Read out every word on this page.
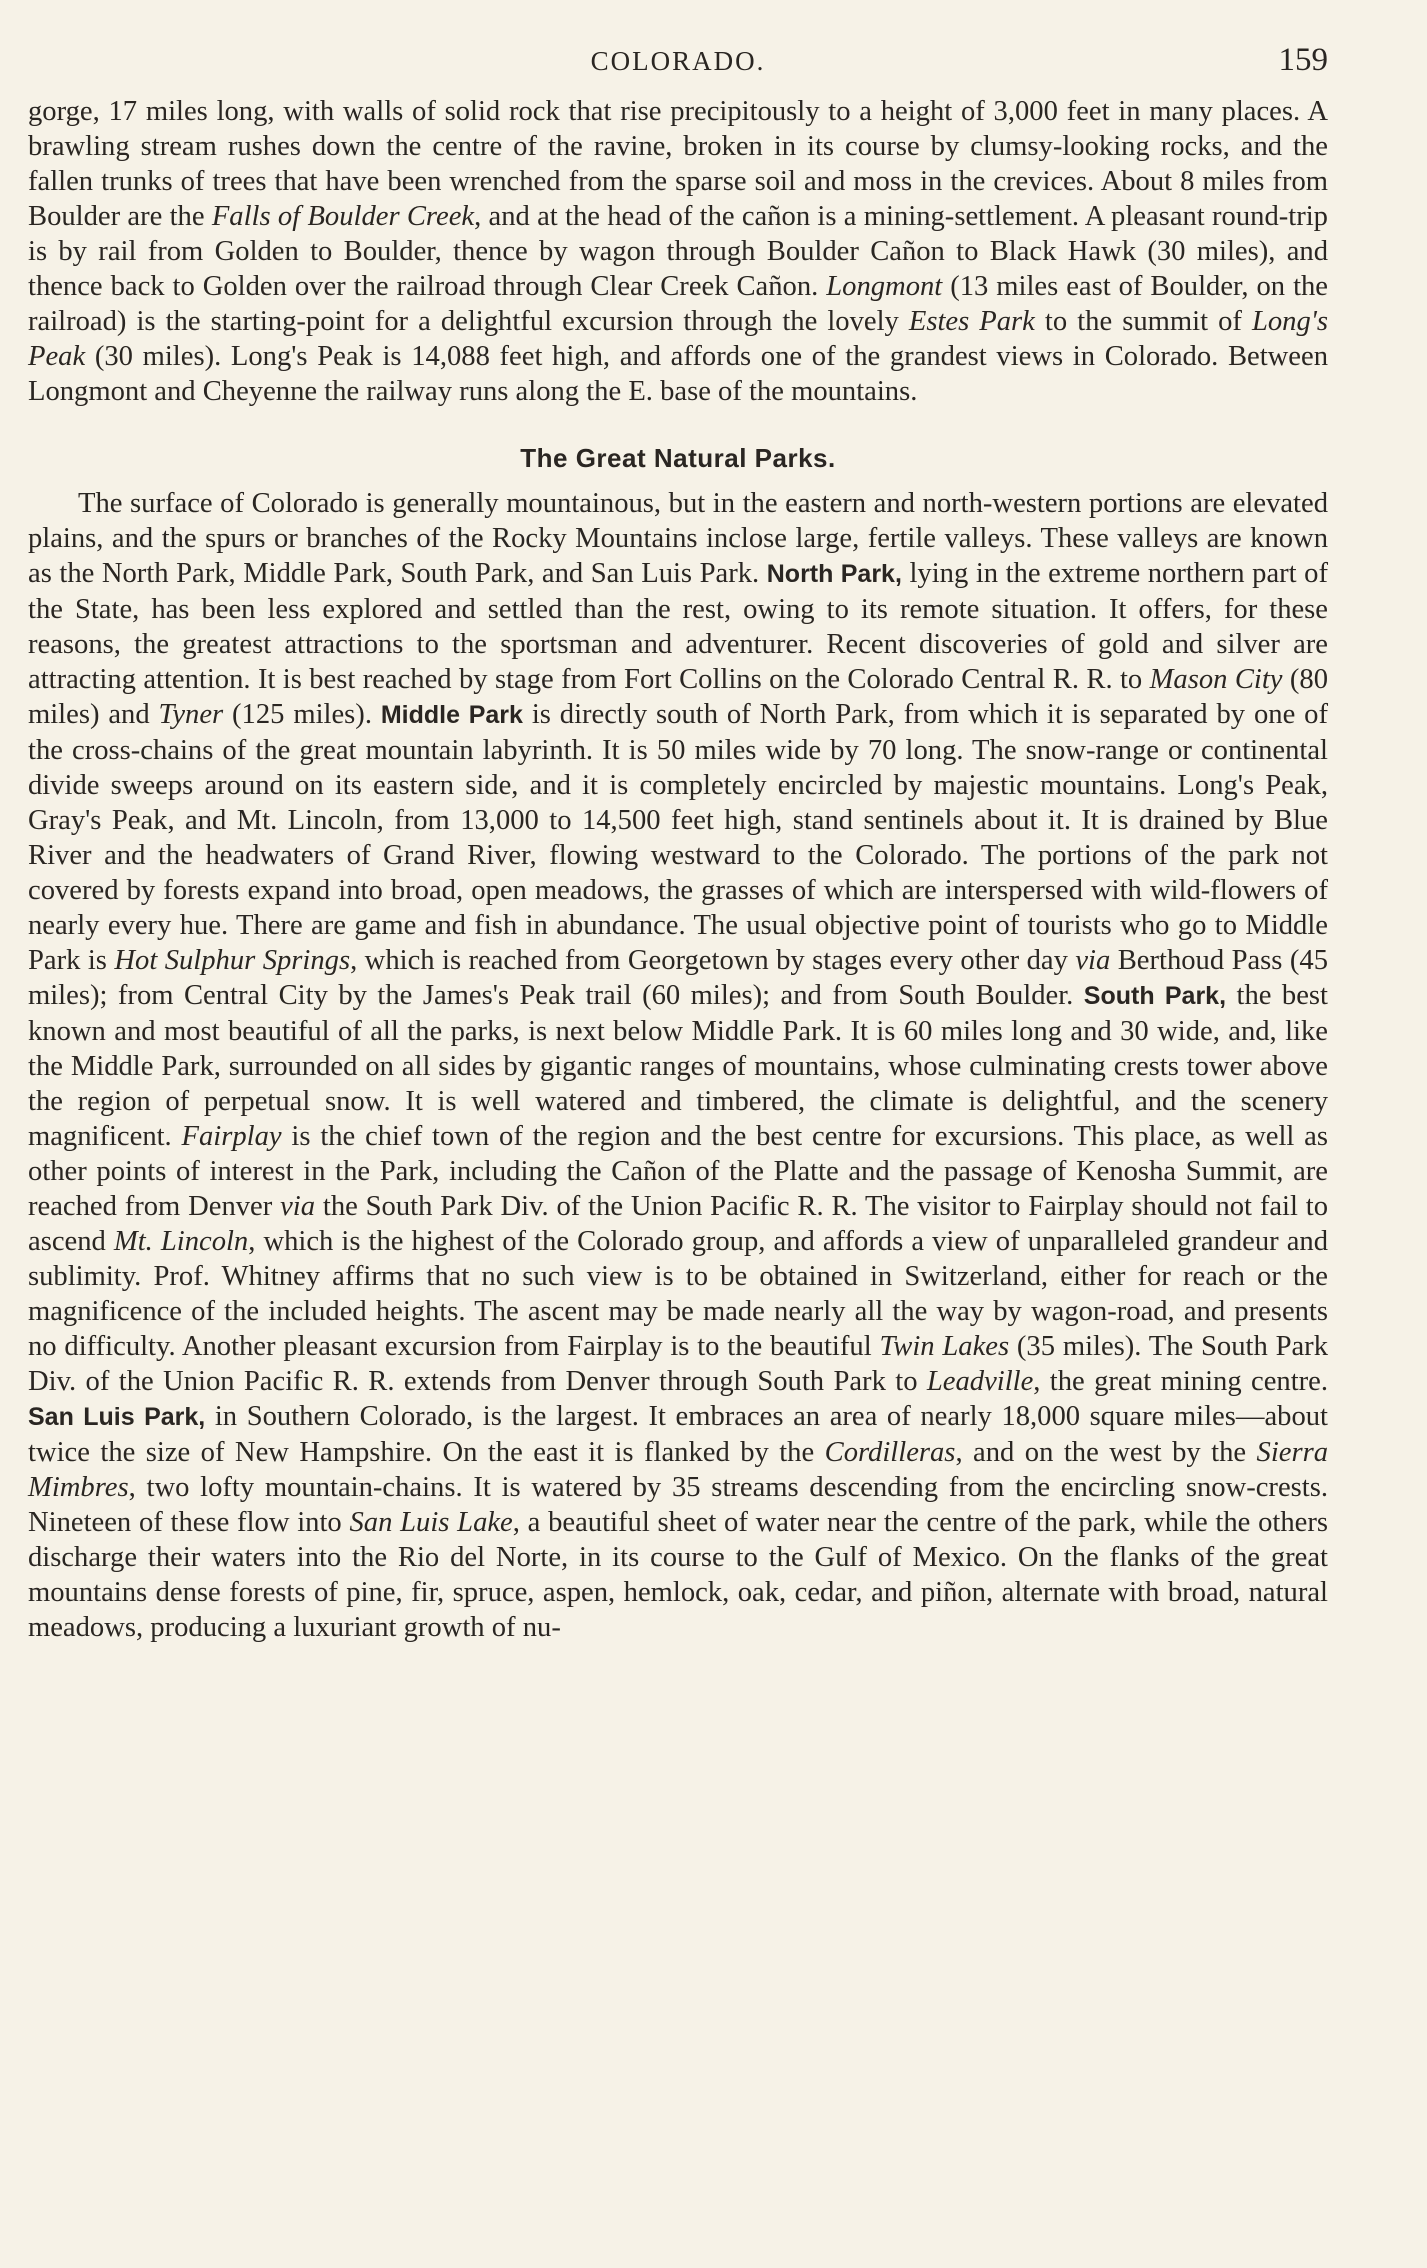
COLORADO.	159

gorge, 17 miles long, with walls of solid rock that rise precipitously to a height of 3,000 feet in many places. A brawling stream rushes down the centre of the ravine, broken in its course by clumsy-looking rocks, and the fallen trunks of trees that have been wrenched from the sparse soil and moss in the crevices. About 8 miles from Boulder are the Falls of Boulder Creek, and at the head of the cañon is a mining-settlement. A pleasant round-trip is by rail from Golden to Boulder, thence by wagon through Boulder Cañon to Black Hawk (30 miles), and thence back to Golden over the railroad through Clear Creek Cañon. Longmont (13 miles east of Boulder, on the railroad) is the starting-point for a delightful excursion through the lovely Estes Park to the summit of Long's Peak (30 miles). Long's Peak is 14,088 feet high, and affords one of the grandest views in Colorado. Between Longmont and Cheyenne the railway runs along the E. base of the mountains.

The Great Natural Parks.

The surface of Colorado is generally mountainous, but in the eastern and north-western portions are elevated plains, and the spurs or branches of the Rocky Mountains inclose large, fertile valleys. These valleys are known as the North Park, Middle Park, South Park, and San Luis Park. North Park, lying in the extreme northern part of the State, has been less explored and settled than the rest, owing to its remote situation. It offers, for these reasons, the greatest attractions to the sportsman and adventurer. Recent discoveries of gold and silver are attracting attention. It is best reached by stage from Fort Collins on the Colorado Central R. R. to Mason City (80 miles) and Tyner (125 miles). Middle Park is directly south of North Park, from which it is separated by one of the cross-chains of the great mountain labyrinth. It is 50 miles wide by 70 long. The snow-range or continental divide sweeps around on its eastern side, and it is completely encircled by majestic mountains. Long's Peak, Gray's Peak, and Mt. Lincoln, from 13,000 to 14,500 feet high, stand sentinels about it. It is drained by Blue River and the headwaters of Grand River, flowing westward to the Colorado. The portions of the park not covered by forests expand into broad, open meadows, the grasses of which are interspersed with wild-flowers of nearly every hue. There are game and fish in abundance. The usual objective point of tourists who go to Middle Park is Hot Sulphur Springs, which is reached from Georgetown by stages every other day via Berthoud Pass (45 miles); from Central City by the James's Peak trail (60 miles); and from South Boulder. South Park, the best known and most beautiful of all the parks, is next below Middle Park. It is 60 miles long and 30 wide, and, like the Middle Park, surrounded on all sides by gigantic ranges of mountains, whose culminating crests tower above the region of perpetual snow. It is well watered and timbered, the climate is delightful, and the scenery magnificent. Fairplay is the chief town of the region and the best centre for excursions. This place, as well as other points of interest in the Park, including the Cañon of the Platte and the passage of Kenosha Summit, are reached from Denver via the South Park Div. of the Union Pacific R. R. The visitor to Fairplay should not fail to ascend Mt. Lincoln, which is the highest of the Colorado group, and affords a view of unparalleled grandeur and sublimity. Prof. Whitney affirms that no such view is to be obtained in Switzerland, either for reach or the magnificence of the included heights. The ascent may be made nearly all the way by wagon-road, and presents no difficulty. Another pleasant excursion from Fairplay is to the beautiful Twin Lakes (35 miles). The South Park Div. of the Union Pacific R. R. extends from Denver through South Park to Leadville, the great mining centre. San Luis Park, in Southern Colorado, is the largest. It embraces an area of nearly 18,000 square miles—about twice the size of New Hampshire. On the east it is flanked by the Cordilleras, and on the west by the Sierra Mimbres, two lofty mountain-chains. It is watered by 35 streams descending from the encircling snow-crests. Nineteen of these flow into San Luis Lake, a beautiful sheet of water near the centre of the park, while the others discharge their waters into the Rio del Norte, in its course to the Gulf of Mexico. On the flanks of the great mountains dense forests of pine, fir, spruce, aspen, hemlock, oak, cedar, and piñon, alternate with broad, natural meadows, producing a luxuriant growth of nu-
